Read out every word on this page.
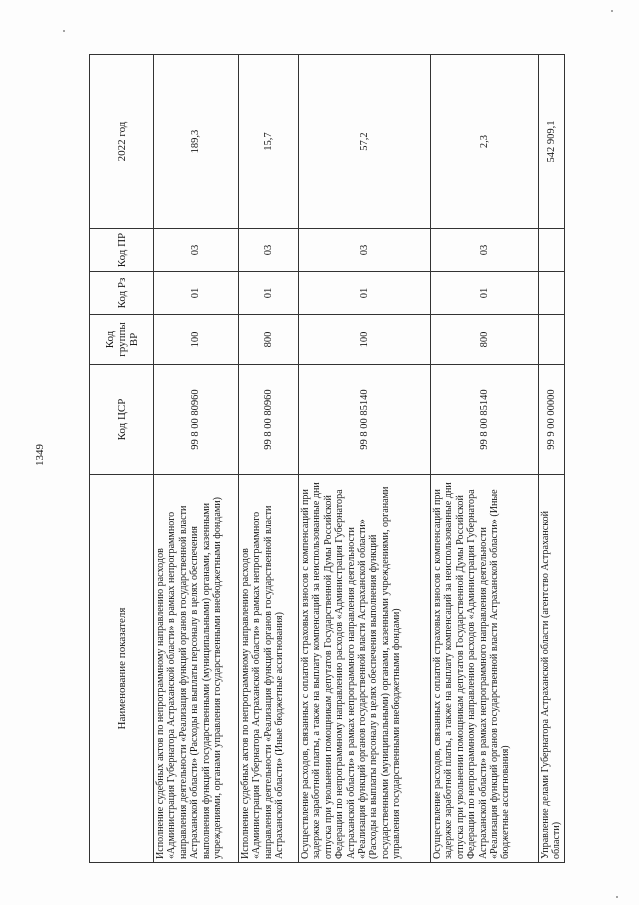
1349
Наименование показателя	Код ЦСР	Код группы ВР	Код Рз	Код ПР	2022 год
Исполнение судебных актов по непрограммному направлению расходов «Администрация Губернатора Астраханской области» в рамках непрограммного направления деятельности «Реализация функций органов государственной власти Астраханской области» (Расходы на выплаты персоналу в целях обеспечения выполнения функций государственными (муниципальными) органами, казенными учреждениями, органами управления государственными внебюджетными фондами)	99 8 00 80960	100	01	03	189,3
Исполнение судебных актов по непрограммному направлению расходов «Администрация Губернатора Астраханской области» в рамках непрограммного направления деятельности «Реализация функций органов государственной власти Астраханской области» (Иные бюджетные ассигнования)	99 8 00 80960	800	01	03	15,7
Осуществление расходов, связанных с оплатой страховых взносов с компенсаций при задержке заработной платы, а также на выплату компенсаций за неиспользованные дни отпуска при увольнении помощникам депутатов Государственной Думы Российской Федерации по непрограммному направлению расходов «Администрация Губернатора Астраханской области» в рамках непрограммного направления деятельности «Реализация функций органов государственной власти Астраханской области» (Расходы на выплаты персоналу в целях обеспечения выполнения функций государственными (муниципальными) органами, казенными учреждениями, органами управления государственными внебюджетными фондами)	99 8 00 85140	100	01	03	57,2
Осуществление расходов, связанных с оплатой страховых взносов с компенсаций при задержке заработной платы, а также на выплату компенсаций за неиспользованные дни отпуска при увольнении помощникам депутатов Государственной Думы Российской Федерации по непрограммному направлению расходов «Администрация Губернатора Астраханской области» в рамках непрограммного направления деятельности «Реализация функций органов государственной власти Астраханской области» (Иные бюджетные ассигнования)	99 8 00 85140	800	01	03	2,3
Управление делами Губернатора Астраханской области (агентство Астраханской области)	99 9 00 00000				542 909,1
